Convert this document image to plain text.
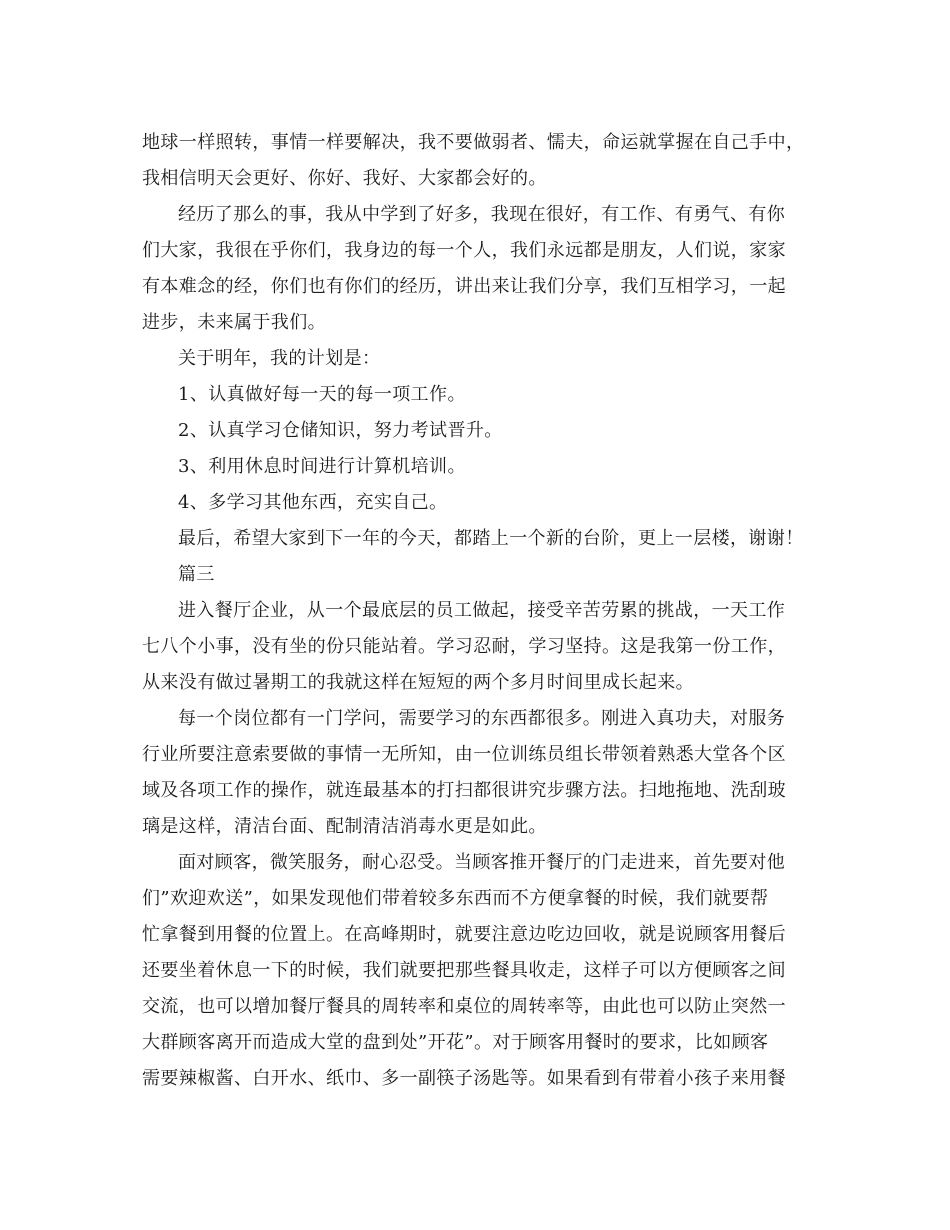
地球一样照转，事情一样要解决，我不要做弱者、懦夫，命运就掌握在自己手中，
我相信明天会更好、你好、我好、大家都会好的。
经历了那么的事，我从中学到了好多，我现在很好，有工作、有勇气、有你
们大家，我很在乎你们，我身边的每一个人，我们永远都是朋友，人们说，家家
有本难念的经，你们也有你们的经历，讲出来让我们分享，我们互相学习，一起
进步，未来属于我们。
关于明年，我的计划是：
1、认真做好每一天的每一项工作。
2、认真学习仓储知识，努力考试晋升。
3、利用休息时间进行计算机培训。
4、多学习其他东西，充实自己。
最后，希望大家到下一年的今天，都踏上一个新的台阶，更上一层楼，谢谢！
篇三
进入餐厅企业，从一个最底层的员工做起，接受辛苦劳累的挑战，一天工作
七八个小事，没有坐的份只能站着。学习忍耐，学习坚持。这是我第一份工作，
从来没有做过暑期工的我就这样在短短的两个多月时间里成长起来。
每一个岗位都有一门学问，需要学习的东西都很多。刚进入真功夫，对服务
行业所要注意索要做的事情一无所知，由一位训练员组长带领着熟悉大堂各个区
域及各项工作的操作，就连最基本的打扫都很讲究步骤方法。扫地拖地、洗刮玻
璃是这样，清洁台面、配制清洁消毒水更是如此。
面对顾客，微笑服务，耐心忍受。当顾客推开餐厅的门走进来，首先要对他
们”欢迎欢送”，如果发现他们带着较多东西而不方便拿餐的时候，我们就要帮
忙拿餐到用餐的位置上。在高峰期时，就要注意边吃边回收，就是说顾客用餐后
还要坐着休息一下的时候，我们就要把那些餐具收走，这样子可以方便顾客之间
交流，也可以增加餐厅餐具的周转率和桌位的周转率等，由此也可以防止突然一
大群顾客离开而造成大堂的盘到处”开花”。对于顾客用餐时的要求，比如顾客
需要辣椒酱、白开水、纸巾、多一副筷子汤匙等。如果看到有带着小孩子来用餐
